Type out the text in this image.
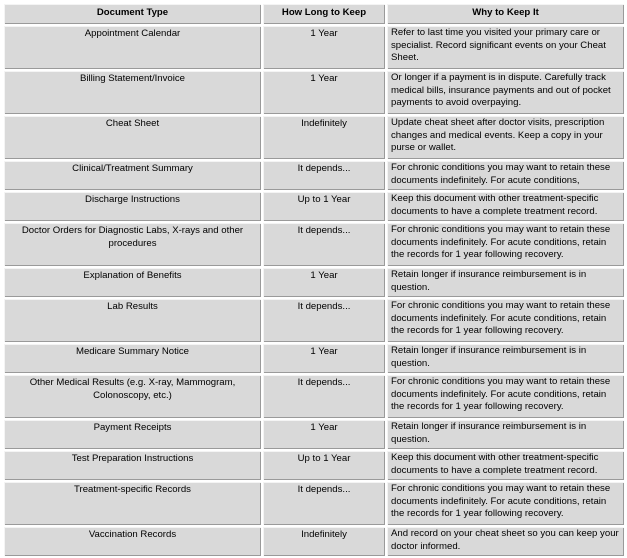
Document Type	How Long to Keep	Why to Keep It
Appointment Calendar	1 Year	Refer to last time you visited your primary care or specialist. Record significant events on your Cheat Sheet.
Billing Statement/Invoice	1 Year	Or longer if a payment is in dispute. Carefully track medical bills, insurance payments and out of pocket payments to avoid overpaying.
Cheat Sheet	Indefinitely	Update cheat sheet after doctor visits, prescription changes and medical events. Keep a copy in your purse or wallet.
Clinical/Treatment Summary	It depends...	For chronic conditions you may want to retain these documents indefinitely. For acute conditions,
Discharge Instructions	Up to 1 Year	Keep this document with other treatment-specific documents to have a complete treatment record.
Doctor Orders for Diagnostic Labs, X-rays and other procedures	It depends...	For chronic conditions you may want to retain these documents indefinitely. For acute conditions, retain the records for 1 year following recovery.
Explanation of Benefits	1 Year	Retain longer if insurance reimbursement is in question.
Lab Results	It depends...	For chronic conditions you may want to retain these documents indefinitely. For acute conditions, retain the records for 1 year following recovery.
Medicare Summary Notice	1 Year	Retain longer if insurance reimbursement is in question.
Other Medical Results (e.g. X-ray, Mammogram, Colonoscopy, etc.)	It depends...	For chronic conditions you may want to retain these documents indefinitely. For acute conditions, retain the records for 1 year following recovery.
Payment Receipts	1 Year	Retain longer if insurance reimbursement is in question.
Test Preparation Instructions	Up to 1 Year	Keep this document with other treatment-specific documents to have a complete treatment record.
Treatment-specific Records	It depends...	For chronic conditions you may want to retain these documents indefinitely. For acute conditions, retain the records for 1 year following recovery.
Vaccination Records	Indefinitely	And record on your cheat sheet so you can keep your doctor informed.
